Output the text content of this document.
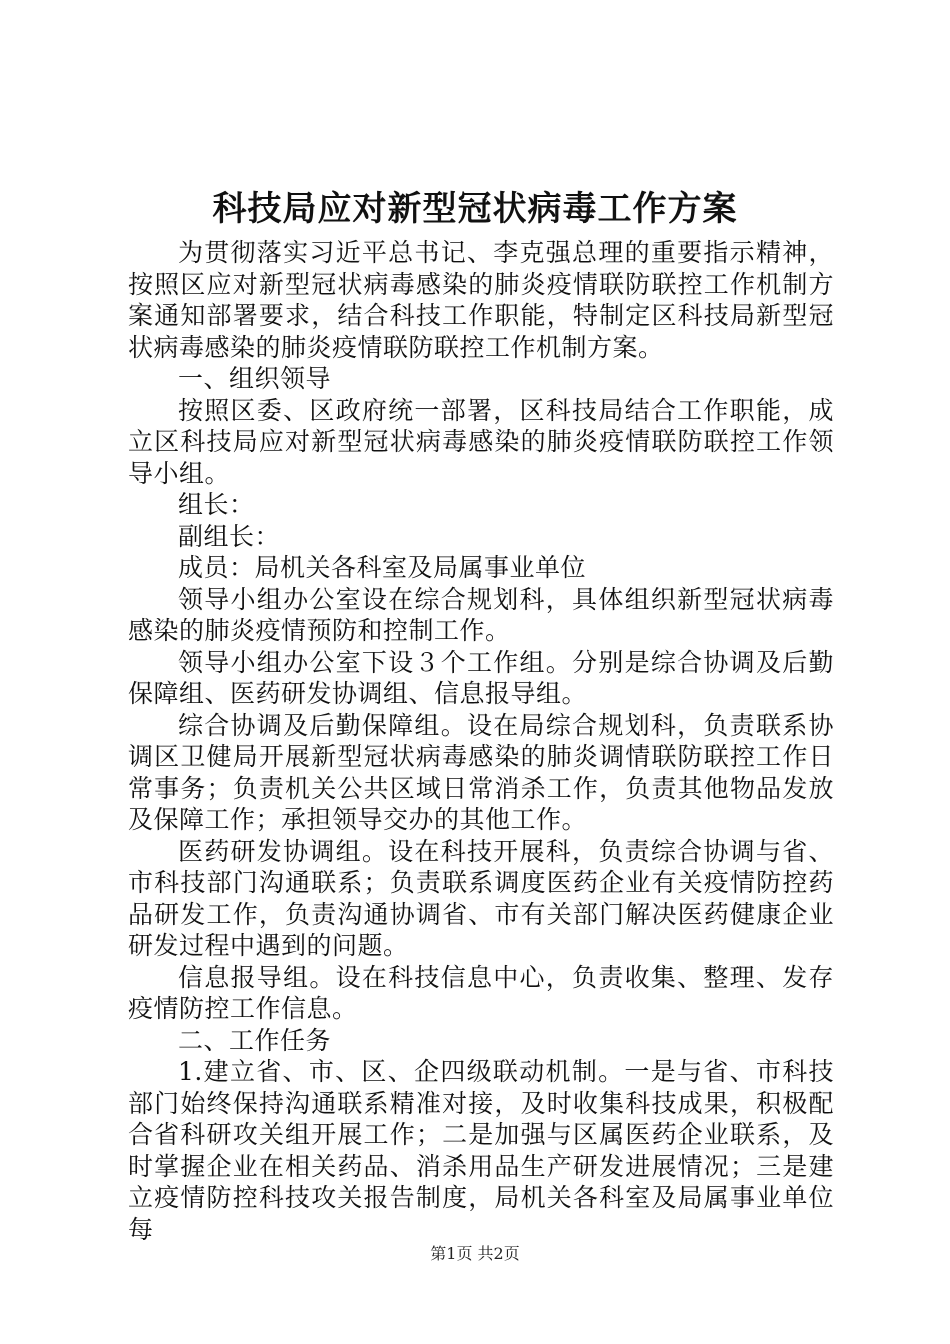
科技局应对新型冠状病毒工作方案

为贯彻落实习近平总书记、李克强总理的重要指示精神，按照区应对新型冠状病毒感染的肺炎疫情联防联控工作机制方案通知部署要求，结合科技工作职能，特制定区科技局新型冠状病毒感染的肺炎疫情联防联控工作机制方案。

一、组织领导

按照区委、区政府统一部署，区科技局结合工作职能，成立区科技局应对新型冠状病毒感染的肺炎疫情联防联控工作领导小组。

组长：

副组长：

成员：局机关各科室及局属事业单位

领导小组办公室设在综合规划科，具体组织新型冠状病毒感染的肺炎疫情预防和控制工作。

领导小组办公室下设３个工作组。分别是综合协调及后勤保障组、医药研发协调组、信息报导组。

综合协调及后勤保障组。设在局综合规划科，负责联系协调区卫健局开展新型冠状病毒感染的肺炎调情联防联控工作日常事务；负责机关公共区域日常消杀工作，负责其他物品发放及保障工作；承担领导交办的其他工作。

医药研发协调组。设在科技开展科，负责综合协调与省、市科技部门沟通联系；负责联系调度医药企业有关疫情防控药品研发工作，负责沟通协调省、市有关部门解决医药健康企业研发过程中遇到的问题。

信息报导组。设在科技信息中心，负责收集、整理、发存疫情防控工作信息。

二、工作任务

1.建立省、市、区、企四级联动机制。一是与省、市科技部门始终保持沟通联系精准对接，及时收集科技成果，积极配合省科研攻关组开展工作；二是加强与区属医药企业联系，及时掌握企业在相关药品、消杀用品生产研发进展情况；三是建立疫情防控科技攻关报告制度，局机关各科室及局属事业单位每

第1页 共2页
